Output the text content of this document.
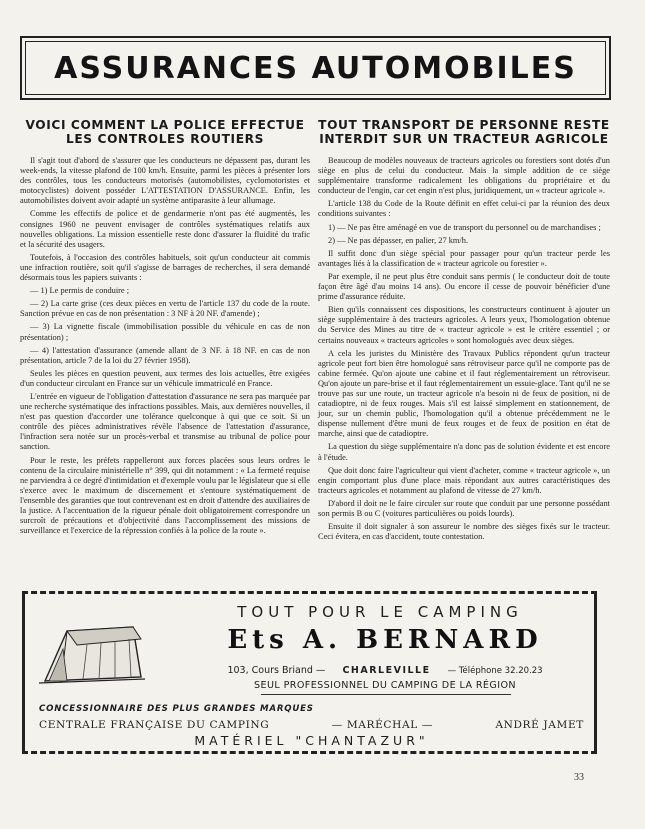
ASSURANCES AUTOMOBILES
VOICI COMMENT LA POLICE EFFECTUE
LES CONTROLES ROUTIERS

Il s'agit tout d'abord de s'assurer que les conducteurs ne dépassent pas, durant les week-ends, la vitesse plafond de 100 km/h. Ensuite, parmi les pièces à présenter lors des contrôles, tous les conducteurs motorisés (automobilistes, cyclomotoristes et motocyclistes) doivent posséder L'ATTESTATION D'ASSURANCE. Enfin, les automobilistes doivent avoir adapté un système antiparasite à leur allumage.

Comme les effectifs de police et de gendarmerie n'ont pas été augmentés, les consignes 1960 ne peuvent envisager de contrôles systématiques relatifs aux nouvelles obligations. La mission essentielle reste donc d'assurer la fluidité du trafic et la sécurité des usagers.

Toutefois, à l'occasion des contrôles habituels, soit qu'un conducteur ait commis une infraction routière, soit qu'il s'agisse de barrages de recherches, il sera demandé désormais tous les papiers suivants :

— 1) Le permis de conduire ;

— 2) La carte grise (ces deux pièces en vertu de l'article 137 du code de la route. Sanction prévue en cas de non présentation : 3 NF à 20 NF. d'amende) ;

— 3) La vignette fiscale (immobilisation possible du véhicule en cas de non présentation) ;

— 4) l'attestation d'assurance (amende allant de 3 NF. à 18 NF. en cas de non présentation, article 7 de la loi du 27 février 1958).

Seules les pièces en question peuvent, aux termes des lois actuelles, être exigées d'un conducteur circulant en France sur un véhicule immatriculé en France.

L'entrée en vigueur de l'obligation d'attestation d'assurance ne sera pas marquée par une recherche systématique des infractions possibles. Mais, aux dernières nouvelles, il n'est pas question d'accorder une tolérance quelconque à qui que ce soit. Si un contrôle des pièces administratives révèle l'absence de l'attestation d'assurance, l'infraction sera notée sur un procès-verbal et transmise au tribunal de police pour sanction.

Pour le reste, les préfets rappelleront aux forces placées sous leurs ordres le contenu de la circulaire ministérielle n° 399, qui dit notamment : « La fermeté requise ne parviendra à ce degré d'intimidation et d'exemple voulu par le législateur que si elle s'exerce avec le maximum de discernement et s'entoure systématiquement de l'ensemble des garanties que tout contrevenant est en droit d'attendre des auxiliaires de la justice. A l'accentuation de la rigueur pénale doit obligatoirement correspondre un surcroît de précautions et d'objectivité dans l'accomplissement des missions de surveillance et l'exercice de la répression confiés à la police de la route ».

TOUT TRANSPORT DE PERSONNE RESTE
INTERDIT SUR UN TRACTEUR AGRICOLE

Beaucoup de modèles nouveaux de tracteurs agricoles ou forestiers sont dotés d'un siège en plus de celui du conducteur. Mais la simple addition de ce siège supplémentaire transforme radicalement les obligations du propriétaire et du conducteur de l'engin, car cet engin n'est plus, juridiquement, un « tracteur agricole ».

L'article 138 du Code de la Route définit en effet celui-ci par la réunion des deux conditions suivantes :

1) — Ne pas être aménagé en vue de transport du personnel ou de marchandises ;

2) — Ne pas dépasser, en palier, 27 km/h.

Il suffit donc d'un siège spécial pour passager pour qu'un tracteur perde les avantages liés à la classification de « tracteur agricole ou forestier ».

Par exemple, il ne peut plus être conduit sans permis ( le conducteur doit de toute façon être âgé d'au moins 14 ans). Ou encore il cesse de pouvoir bénéficier d'une prime d'assurance réduite.

Bien qu'ils connaissent ces dispositions, les constructeurs continuent à ajouter un siège supplémentaire à des tracteurs agricoles. A leurs yeux, l'homologation obtenue du Service des Mines au titre de « tracteur agricole » est le critère essentiel ; or certains nouveaux « tracteurs agricoles » sont homologués avec deux sièges.

A cela les juristes du Ministère des Travaux Publics répondent qu'un tracteur agricole peut fort bien être homologué sans rétroviseur parce qu'il ne comporte pas de cabine fermée. Qu'on ajoute une cabine et il faut réglementairement un rétroviseur. Qu'on ajoute un pare-brise et il faut réglementairement un essuie-glace. Tant qu'il ne se trouve pas sur une route, un tracteur agricole n'a besoin ni de feux de position, ni de catadioptre, ni de feux rouges. Mais s'il est laissé simplement en stationnement, de jour, sur un chemin public, l'homologation qu'il a obtenue précédemment ne le dispense nullement d'être muni de feux rouges et de feux de position en état de marche, ainsi que de catadioptre.

La question du siège supplémentaire n'a donc pas de solution évidente et est encore à l'étude.

Que doit donc faire l'agriculteur qui vient d'acheter, comme « tracteur agricole », un engin comportant plus d'une place mais répondant aux autres caractéristiques des tracteurs agricoles et notamment au plafond de vitesse de 27 km/h.

D'abord il doit ne le faire circuler sur route que conduit par une personne possédant son permis B ou C (voitures particulières ou poids lourds).

Ensuite il doit signaler à son assureur le nombre des sièges fixés sur le tracteur. Ceci évitera, en cas d'accident, toute contestation.

TOUT POUR LE CAMPING
Ets A. BERNARD
103, Cours Briand — CHARLEVILLE — Téléphone 32.20.23
SEUL PROFESSIONNEL DU CAMPING DE LA RÉGION
CONCESSIONNAIRE DES PLUS GRANDES MARQUES
CENTRALE FRANÇAISE DU CAMPING	— MARÉCHAL —	ANDRÉ JAMET
MATÉRIEL "CHANTAZUR"
33
